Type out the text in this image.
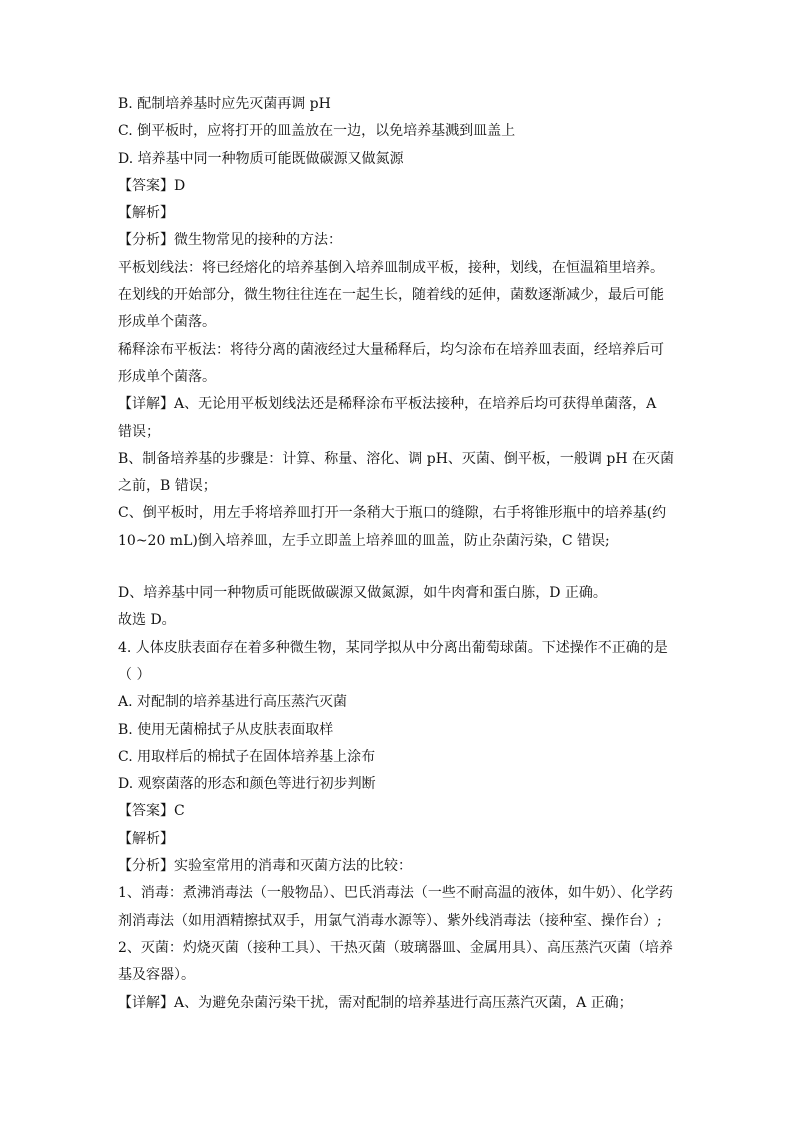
B. 配制培养基时应先灭菌再调 pH
C. 倒平板时，应将打开的皿盖放在一边，以免培养基溅到皿盖上
D. 培养基中同一种物质可能既做碳源又做氮源
【答案】D
【解析】
【分析】微生物常见的接种的方法：
平板划线法：将已经熔化的培养基倒入培养皿制成平板，接种，划线，在恒温箱里培养。
在划线的开始部分，微生物往往连在一起生长，随着线的延伸，菌数逐渐减少，最后可能
形成单个菌落。
稀释涂布平板法：将待分离的菌液经过大量稀释后，均匀涂布在培养皿表面，经培养后可
形成单个菌落。
【详解】A、无论用平板划线法还是稀释涂布平板法接种，在培养后均可获得单菌落，A
错误；
B、制备培养基的步骤是：计算、称量、溶化、调 pH、灭菌、倒平板，一般调 pH 在灭菌
之前，B 错误；
C、倒平板时，用左手将培养皿打开一条稍大于瓶口的缝隙，右手将锥形瓶中的培养基(约
10~20 mL)倒入培养皿，左手立即盖上培养皿的皿盖，防止杂菌污染，C 错误;
D、培养基中同一种物质可能既做碳源又做氮源，如牛肉膏和蛋白胨，D 正确。
故选 D。
4. 人体皮肤表面存在着多种微生物，某同学拟从中分离出葡萄球菌。下述操作不正确的是
（ ）
A. 对配制的培养基进行高压蒸汽灭菌
B. 使用无菌棉拭子从皮肤表面取样
C. 用取样后的棉拭子在固体培养基上涂布
D. 观察菌落的形态和颜色等进行初步判断
【答案】C
【解析】
【分析】实验室常用的消毒和灭菌方法的比较：
1、消毒：煮沸消毒法（一般物品）、巴氏消毒法（一些不耐高温的液体，如牛奶）、化学药
剂消毒法（如用酒精擦拭双手，用氯气消毒水源等）、紫外线消毒法（接种室、操作台）;
2、灭菌：灼烧灭菌（接种工具）、干热灭菌（玻璃器皿、金属用具）、高压蒸汽灭菌（培养
基及容器）。
【详解】A、为避免杂菌污染干扰，需对配制的培养基进行高压蒸汽灭菌，A 正确；
